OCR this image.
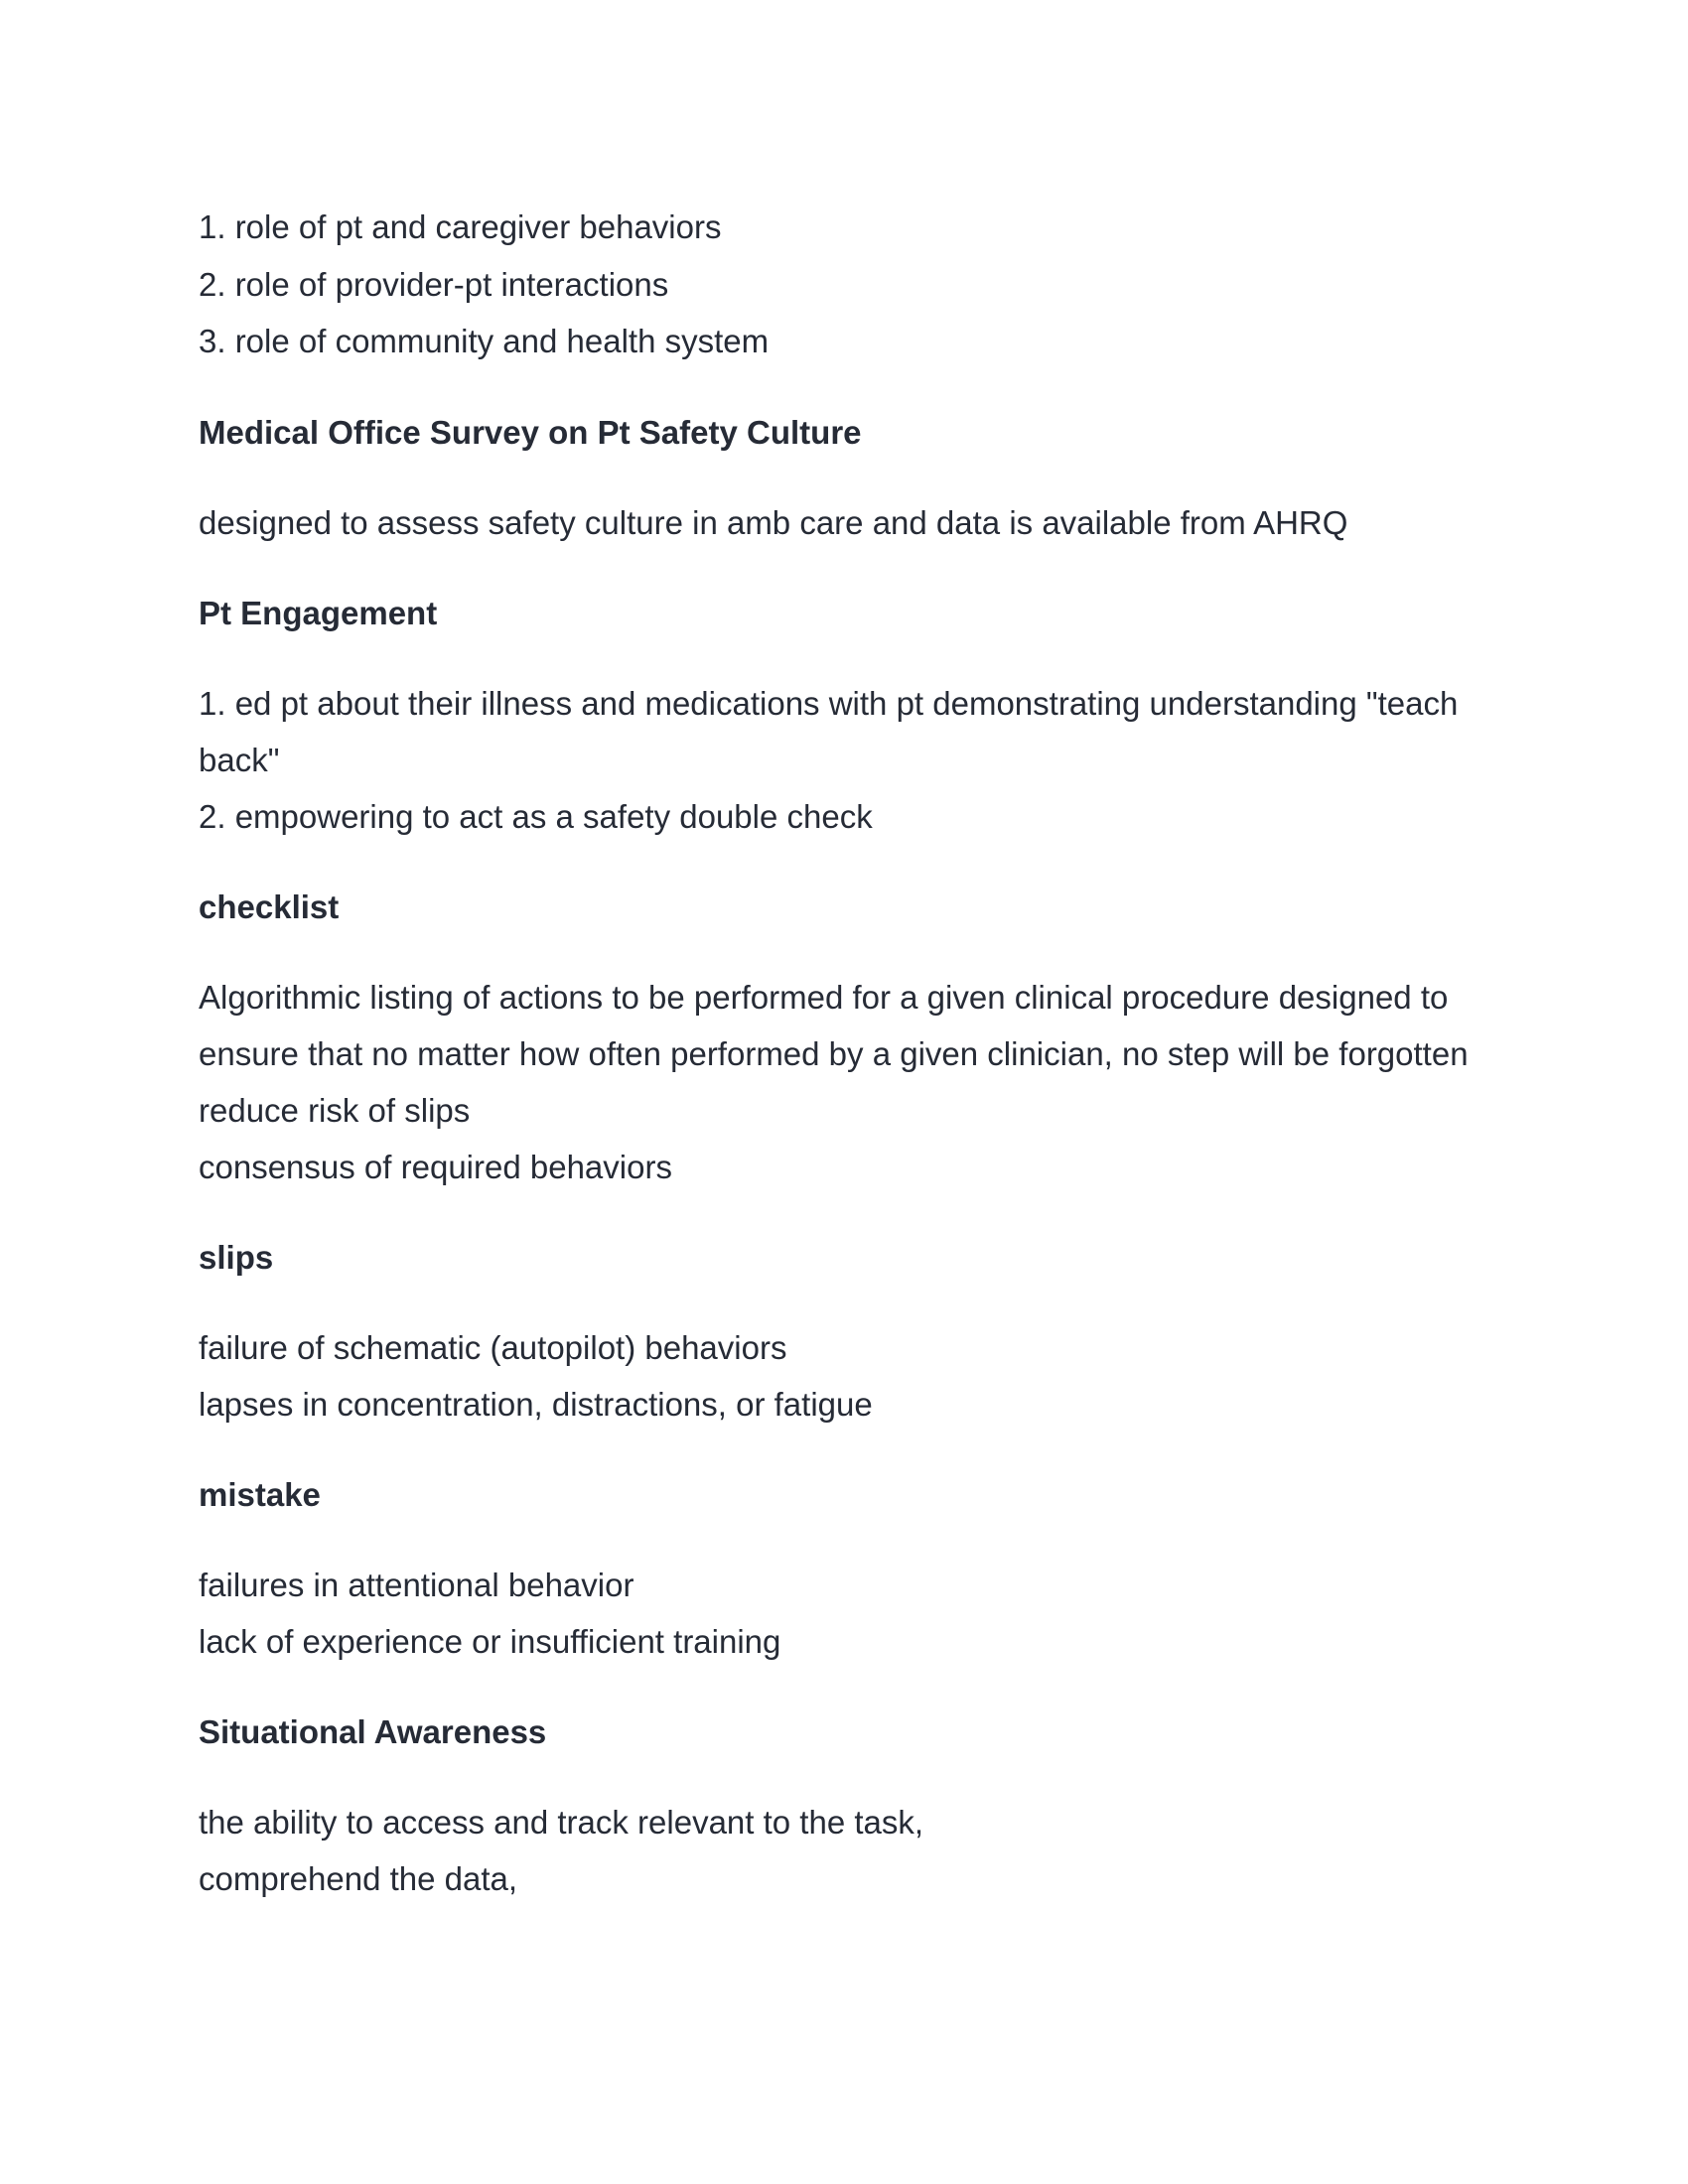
1. role of pt and caregiver behaviors

2. role of provider-pt interactions

3. role of community and health system

Medical Office Survey on Pt Safety Culture

designed to assess safety culture in amb care and data is available from AHRQ

Pt Engagement

1. ed pt about their illness and medications with pt demonstrating understanding "teach

back"

2. empowering to act as a safety double check

checklist

Algorithmic listing of actions to be performed for a given clinical procedure designed to

ensure that no matter how often performed by a given clinician, no step will be forgotten

reduce risk of slips

consensus of required behaviors

slips

failure of schematic (autopilot) behaviors

lapses in concentration, distractions, or fatigue

mistake

failures in attentional behavior

lack of experience or insufficient training

Situational Awareness

the ability to access and track relevant to the task,

comprehend the data,
